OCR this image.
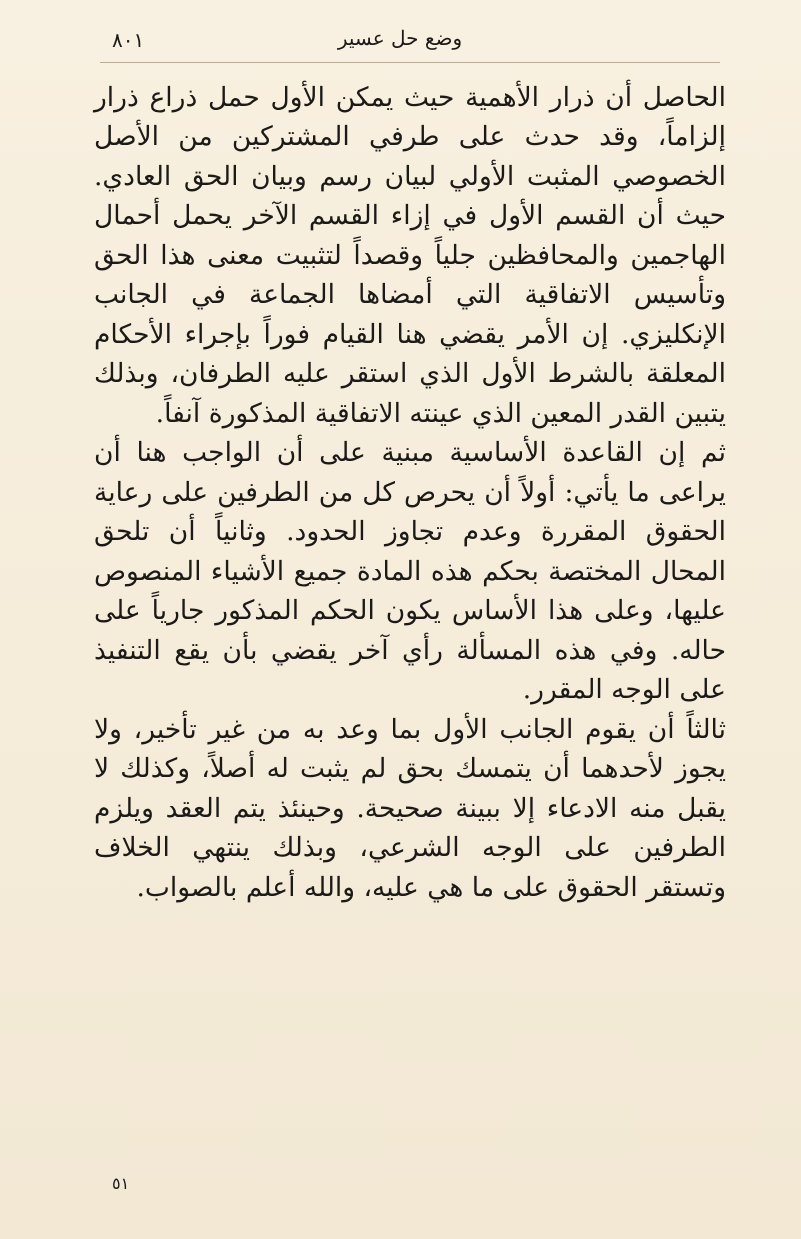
٨٠١	وضع حل عسير

الحاصل أن ذرار الأهمية حيث يمكن الأول حمل ذراع ذرار إلزاماً، وقد حدث على طرفي المشتركين من الأصل الخصوصي المثبت الأولي لبيان رسم وبيان الحق العادي. حيث أن القسم الأول في إزاء القسم الآخر يحمل أحمال الهاجمين والمحافظين جلياً وقصداً لتثبيت معنى هذا الحق وتأسيس الاتفاقية التي أمضاها الجماعة في الجانب الإنكليزي. إن الأمر يقضي هنا القيام فوراً بإجراء الأحكام المعلقة بالشرط الأول الذي استقر عليه الطرفان، وبذلك يتبين القدر المعين الذي عينته الاتفاقية المذكورة آنفاً.

ثم إن القاعدة الأساسية مبنية على أن الواجب هنا أن يراعى ما يأتي: أولاً أن يحرص كل من الطرفين على رعاية الحقوق المقررة وعدم تجاوز الحدود. وثانياً أن تلحق المحال المختصة بحكم هذه المادة جميع الأشياء المنصوص عليها، وعلى هذا الأساس يكون الحكم المذكور جارياً على حاله. وفي هذه المسألة رأي آخر يقضي بأن يقع التنفيذ على الوجه المقرر.

ثالثاً أن يقوم الجانب الأول بما وعد به من غير تأخير، ولا يجوز لأحدهما أن يتمسك بحق لم يثبت له أصلاً، وكذلك لا يقبل منه الادعاء إلا ببينة صحيحة. وحينئذ يتم العقد ويلزم الطرفين على الوجه الشرعي، وبذلك ينتهي الخلاف وتستقر الحقوق على ما هي عليه، والله أعلم بالصواب.

٥١
